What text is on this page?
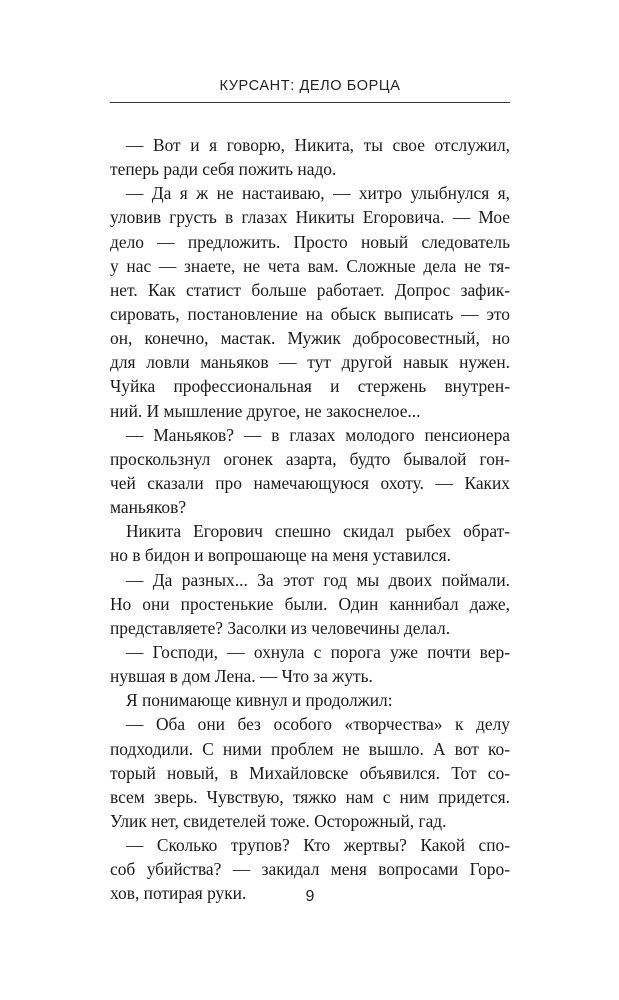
КУРСАНТ: ДЕЛО БОРЦА
— Вот и я говорю, Никита, ты свое отслужил,
теперь ради себя пожить надо.
— Да я ж не настаиваю, — хитро улыбнулся я,
уловив грусть в глазах Никиты Егоровича. — Мое
дело — предложить. Просто новый следователь
у нас — знаете, не чета вам. Сложные дела не тя-
нет. Как статист больше работает. Допрос зафик-
сировать, постановление на обыск выписать — это
он, конечно, мастак. Мужик добросовестный, но
для ловли маньяков — тут другой навык нужен.
Чуйка профессиональная и стержень внутрен-
ний. И мышление другое, не закоснелое...
— Маньяков? — в глазах молодого пенсионера
проскользнул огонек азарта, будто бывалой гон-
чей сказали про намечающуюся охоту. — Каких
маньяков?
Никита Егорович спешно скидал рыбех обрат-
но в бидон и вопрошающе на меня уставился.
— Да разных... За этот год мы двоих поймали.
Но они простенькие были. Один каннибал даже,
представляете? Засолки из человечины делал.
— Господи, — охнула с порога уже почти вер-
нувшая в дом Лена. — Что за жуть.
Я понимающе кивнул и продолжил:
— Оба они без особого «творчества» к делу
подходили. С ними проблем не вышло. А вот ко-
торый новый, в Михайловске объявился. Тот со-
всем зверь. Чувствую, тяжко нам с ним придется.
Улик нет, свидетелей тоже. Осторожный, гад.
— Сколько трупов? Кто жертвы? Какой спо-
соб убийства? — закидал меня вопросами Горо-
хов, потирая руки.	9
